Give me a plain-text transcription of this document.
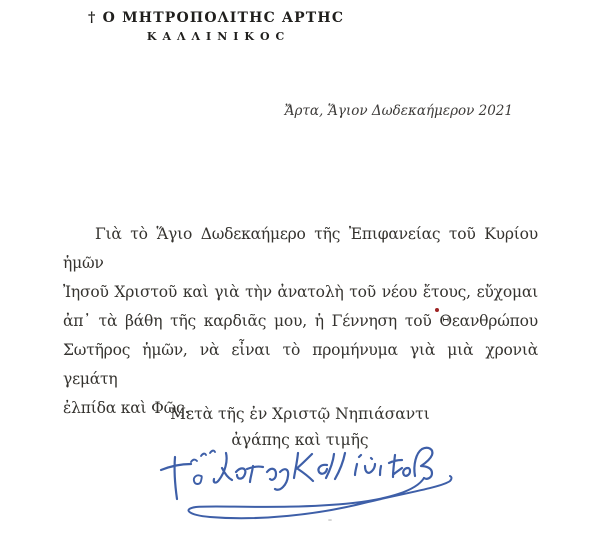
† Ο ΜΗΤΡΟΠΟΛΙΤΗC ΑΡΤΗC
ΚΑΛΛΙΝΙΚΟC
Ἄρτα, Ἅγιον Δωδεκαήμερον 2021
Γιὰ τὸ Ἅγιο Δωδεκαήμερο τῆς Ἐπιφανείας τοῦ Κυρίου ἡμῶν
Ἰησοῦ Χριστοῦ καὶ γιὰ τὴν ἀνατολὴ τοῦ νέου ἔτους, εὔχομαι
ἀπ᾿ τὰ βάθη τῆς καρδιᾶς μου, ἡ Γέννηση τοῦ Θεανθρώπου
Σωτῆρος ἡμῶν, νὰ εἶναι τὸ προμήνυμα γιὰ μιὰ χρονιὰ γεμάτη
ἐλπίδα καὶ Φῶς.
Μετὰ τῆς ἐν Χριστῷ Νηπιάσαντι
ἀγάπης καὶ τιμῆς
